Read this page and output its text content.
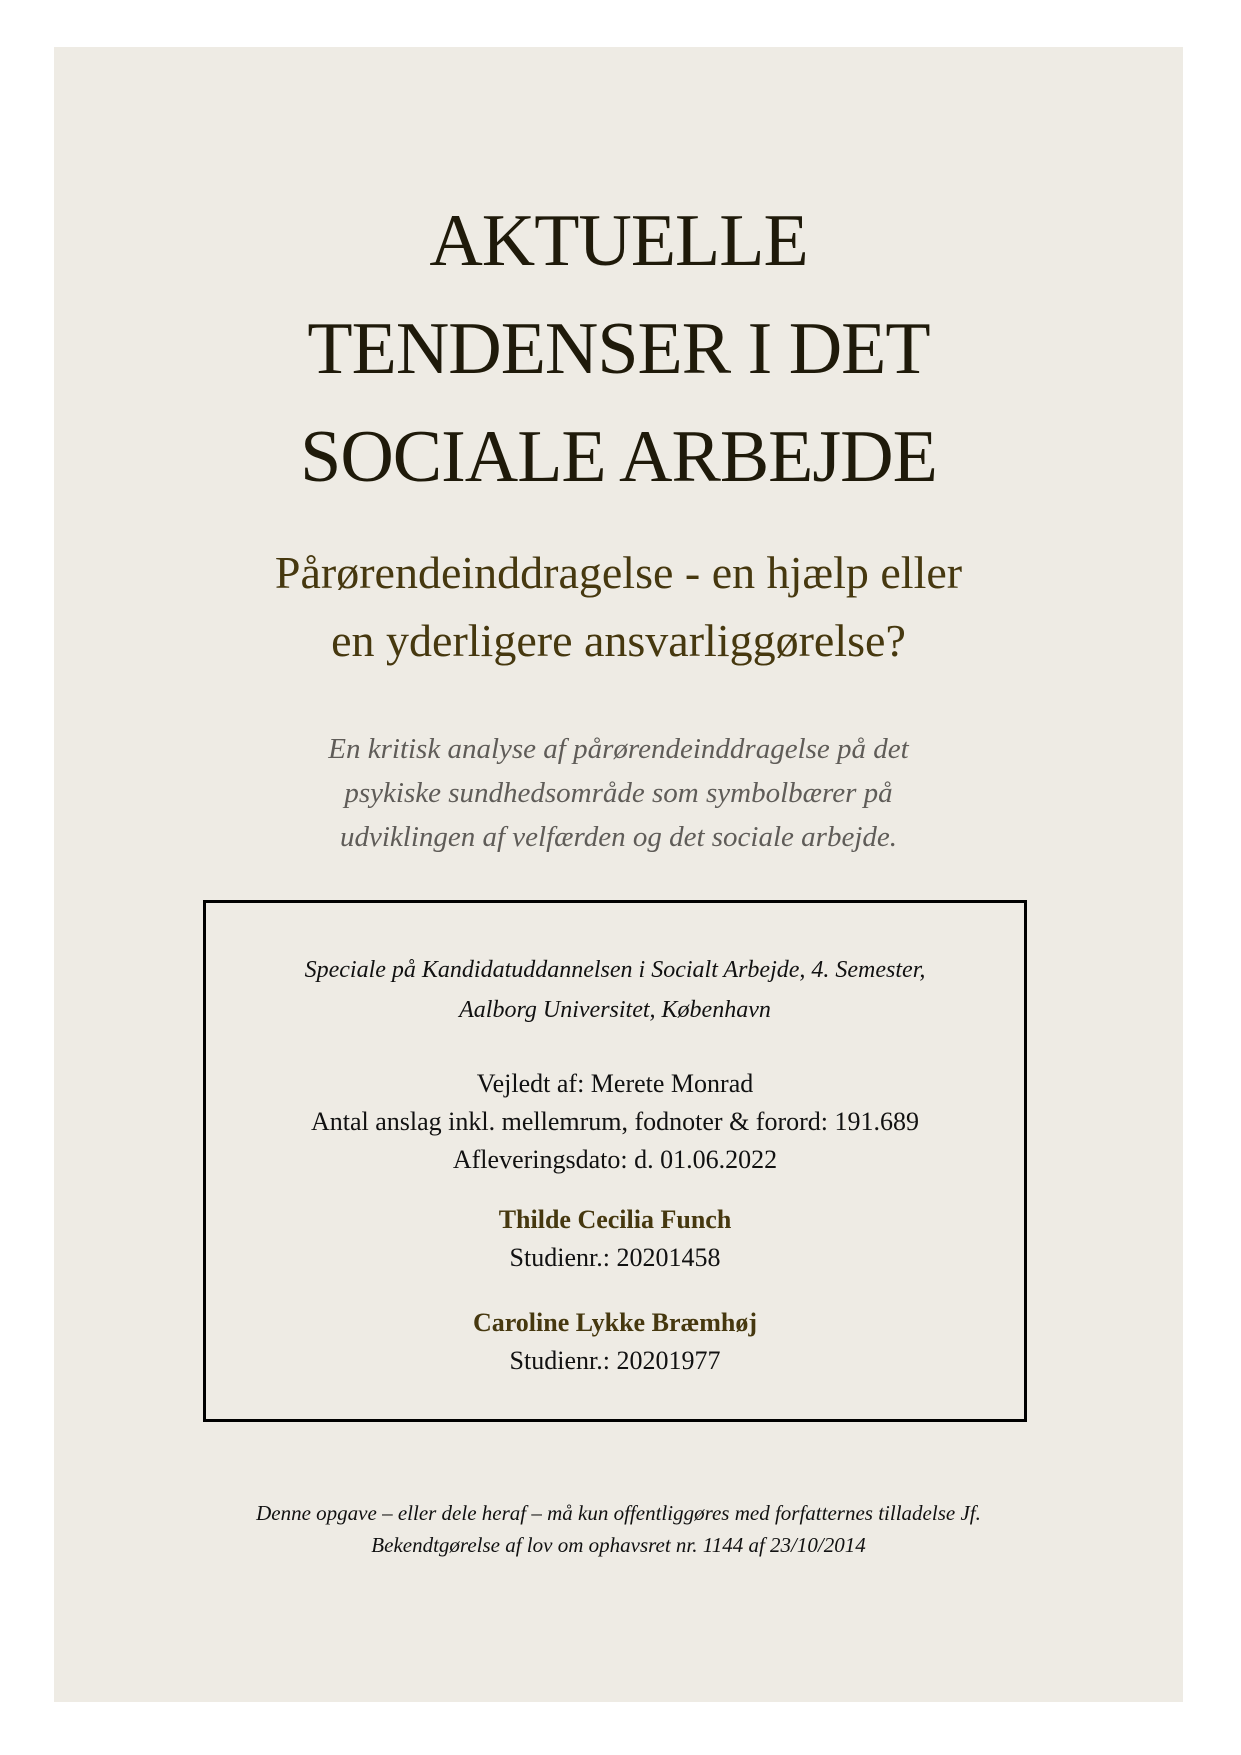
AKTUELLE
TENDENSER I DET
SOCIALE ARBEJDE
Pårørendeinddragelse - en hjælp eller
en yderligere ansvarliggørelse?
En kritisk analyse af pårørendeinddragelse på det
psykiske sundhedsområde som symbolbærer på
udviklingen af velfærden og det sociale arbejde.
Speciale på Kandidatuddannelsen i Socialt Arbejde, 4. Semester,
Aalborg Universitet, København
Vejledt af: Merete Monrad
Antal anslag inkl. mellemrum, fodnoter & forord: 191.689
Afleveringsdato: d. 01.06.2022
Thilde Cecilia Funch
Studienr.: 20201458
Caroline Lykke Bræmhøj
Studienr.: 20201977
Denne opgave – eller dele heraf – må kun offentliggøres med forfatternes tilladelse Jf.
Bekendtgørelse af lov om ophavsret nr. 1144 af 23/10/2014
